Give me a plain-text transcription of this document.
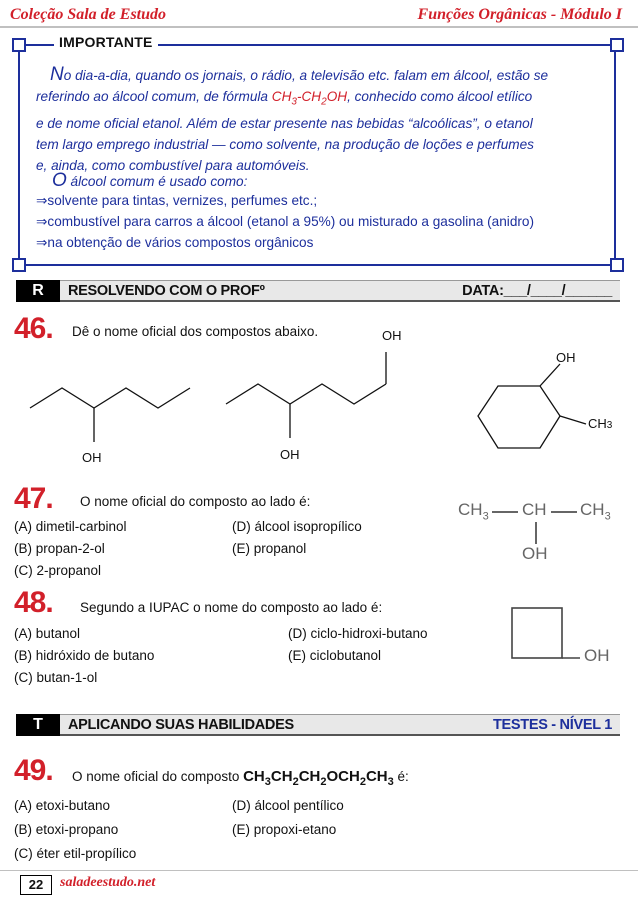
Coleção Sala de Estudo	Funções Orgânicas - Módulo I
IMPORTANTE
No dia-a-dia, quando os jornais, o rádio, a televisão etc. falam em álcool, estão se
referindo ao álcool comum, de fórmula $CH_3-CH_2OH$, conhecido como álcool etílico
e de nome oficial etanol. Além de estar presente nas bebidas “alcoólicas”, o etanol
tem largo emprego industrial — como solvente, na produção de loções e perfumes
e, ainda, como combustível para automóveis.
O álcool comum é usado como:
⇒solvente para tintas, vernizes, perfumes etc.;
⇒combustível para carros a álcool (etanol a 95%) ou misturado a gasolina (anidro)
⇒na obtenção de vários compostos orgânicos
R	RESOLVENDO COM O PROFº	DATA:___/____/______
46. Dê o nome oficial dos compostos abaixo.
OH	OH
OH
OH
CH3
47. O nome oficial do composto ao lado é:
(A) dimetil-carbinol
(B) propan-2-ol
(C) 2-propanol
(D) álcool isopropílico
(E) propanol
$CH_3$ CH $CH_3$
OH
48. Segundo a IUPAC o nome do composto ao lado é:
(A) butanol
(B) hidróxido de butano
(C) butan-1-ol
(D) ciclo-hidroxi-butano
(E) ciclobutanol	OH
T	APLICANDO SUAS HABILIDADES	TESTES - NÍVEL 1
49. O nome oficial do composto $CH_3CH_2CH_2OCH_2CH_3$ é:
(A) etoxi-butano
(B) etoxi-propano
(C) éter etil-propílico
(D) álcool pentílico
(E) propoxi-etano
22	saladeestudo.net
